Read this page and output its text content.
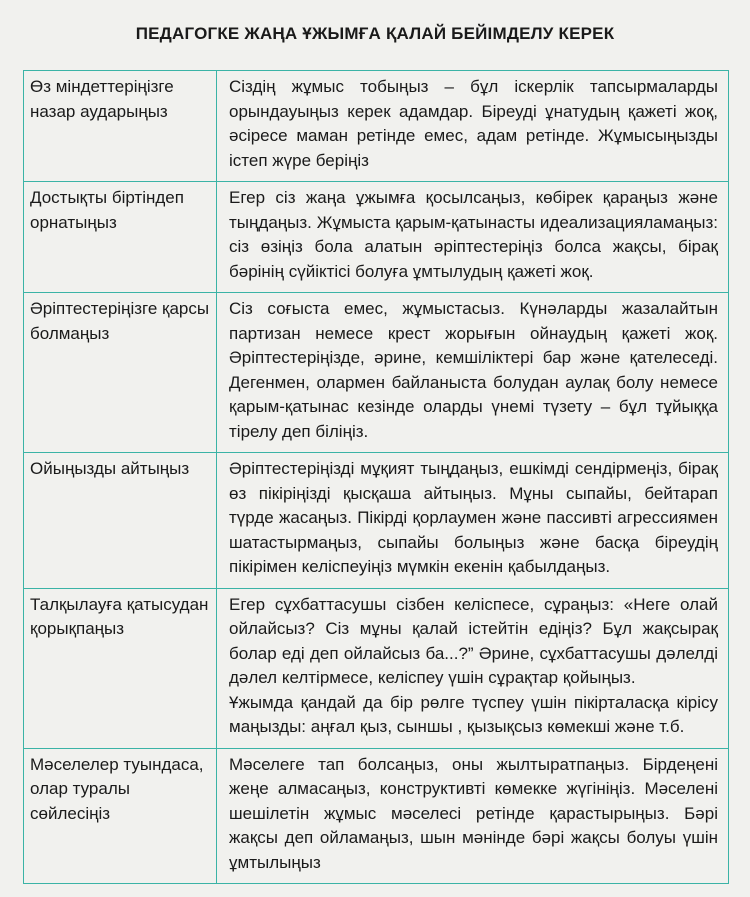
ПЕДАГОГКЕ ЖАҢА ҰЖЫМҒА ҚАЛАЙ БЕЙІМДЕЛУ КЕРЕК
Өз міндеттеріңізге назар аударыңыз	Сіздің жұмыс тобыңыз – бұл іскерлік тапсырмаларды орындауыңыз керек адамдар. Біреуді ұнатудың қажеті жоқ, әсіресе маман ретінде емес, адам ретінде. Жұмысыңызды істеп жүре беріңіз

Достықты біртіндеп орнатыңыз	Егер сіз жаңа ұжымға қосылсаңыз, көбірек қараңыз және тыңдаңыз. Жұмыста қарым-қатынасты идеализацияламаңыз: сіз өзіңіз бола алатын әріптестеріңіз болса жақсы, бірақ бәрінің сүйіктісі болуға ұмтылудың қажеті жоқ.

Әріптестеріңізге қарсы болмаңыз	Сіз соғыста емес, жұмыстасыз. Күнәларды жазалайтын партизан немесе крест жорығын ойнаудың қажеті жоқ. Әріптестеріңізде, әрине, кемшіліктері бар және қателеседі. Дегенмен, олармен байланыста болудан аулақ болу немесе қарым-қатынас кезінде оларды үнемі түзету – бұл тұйыққа тірелу деп біліңіз.

Ойыңызды айтыңыз	Әріптестеріңізді мұқият тыңдаңыз, ешкімді сендірмеңіз, бірақ өз пікіріңізді қысқаша айтыңыз. Мұны сыпайы, бейтарап түрде жасаңыз. Пікірді қорлаумен және пассивті агрессиямен шатастырмаңыз, сыпайы болыңыз және басқа біреудің пікірімен келіспеуіңіз мүмкін екенін қабылдаңыз.

Талқылауға қатысудан қорықпаңыз	Егер сұхбаттасушы сізбен келіспесе, сұраңыз: «Неге олай ойлайсыз? Сіз мұны қалай істейтін едіңіз? Бұл жақсырақ болар еді деп ойлайсыз ба...?” Әрине, сұхбаттасушы дәлелді дәлел келтірмесе, келіспеу үшін сұрақтар қойыңыз.
Ұжымда қандай да бір рөлге түспеу үшін пікірталасқа кірісу маңызды: аңғал қыз, сыншы , қызықсыз көмекші және т.б.

Мәселелер туындаса, олар туралы сөйлесіңіз	Мәселеге тап болсаңыз, оны жылтыратпаңыз. Бірдеңені жеңе алмасаңыз, конструктивті көмекке жүгініңіз. Мәселені шешілетін жұмыс мәселесі ретінде қарастырыңыз. Бәрі жақсы деп ойламаңыз, шын мәнінде бәрі жақсы болуы үшін ұмтылыңыз
